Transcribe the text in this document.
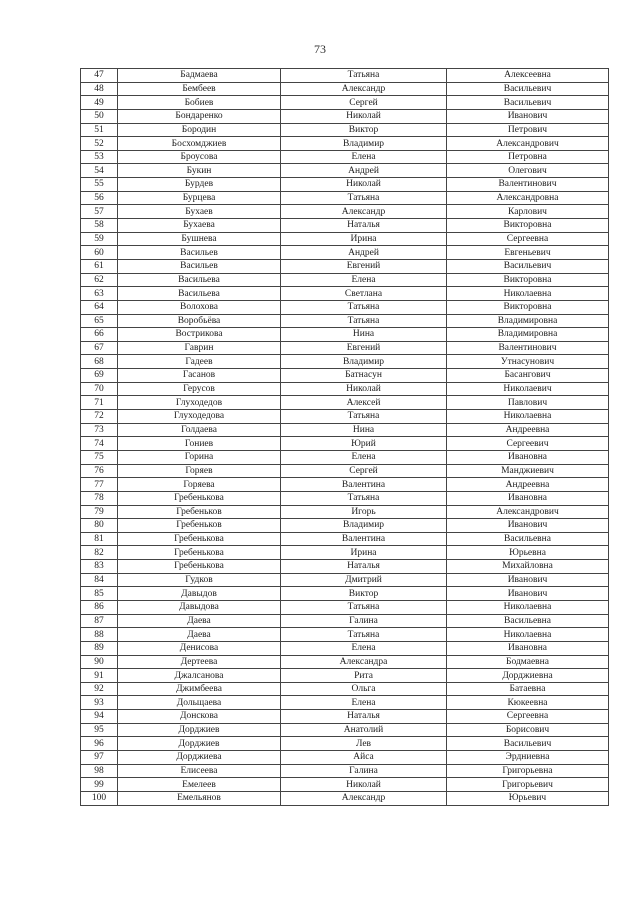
73
47	Бадмаева	Татьяна	Алексеевна
48	Бембеев	Александр	Васильевич
49	Бобиев	Сергей	Васильевич
50	Бондаренко	Николай	Иванович
51	Бородин	Виктор	Петрович
52	Босхомджиев	Владимир	Александрович
53	Броусова	Елена	Петровна
54	Букин	Андрей	Олегович
55	Бурдев	Николай	Валентинович
56	Бурцева	Татьяна	Александровна
57	Бухаев	Александр	Карлович
58	Бухаева	Наталья	Викторовна
59	Бушнева	Ирина	Сергеевна
60	Васильев	Андрей	Евгеньевич
61	Васильев	Евгений	Васильевич
62	Васильева	Елена	Викторовна
63	Васильева	Светлана	Николаевна
64	Волохова	Татьяна	Викторовна
65	Воробьёва	Татьяна	Владимировна
66	Вострикова	Нина	Владимировна
67	Гаврин	Евгений	Валентинович
68	Гадеев	Владимир	Утнасунович
69	Гасанов	Батнасун	Басангович
70	Герусов	Николай	Николаевич
71	Глуходедов	Алексей	Павлович
72	Глуходедова	Татьяна	Николаевна
73	Голдаева	Нина	Андреевна
74	Гониев	Юрий	Сергеевич
75	Горина	Елена	Ивановна
76	Горяев	Сергей	Манджиевич
77	Горяева	Валентина	Андреевна
78	Гребенькова	Татьяна	Ивановна
79	Гребеньков	Игорь	Александрович
80	Гребеньков	Владимир	Иванович
81	Гребенькова	Валентина	Васильевна
82	Гребенькова	Ирина	Юрьевна
83	Гребенькова	Наталья	Михайловна
84	Гудков	Дмитрий	Иванович
85	Давыдов	Виктор	Иванович
86	Давыдова	Татьяна	Николаевна
87	Даева	Галина	Васильевна
88	Даева	Татьяна	Николаевна
89	Денисова	Елена	Ивановна
90	Дертеева	Александра	Бодмаевна
91	Джалсанова	Рита	Дорджиевна
92	Джимбеева	Ольга	Батаевна
93	Дольщаева	Елена	Кюкеевна
94	Донскова	Наталья	Сергеевна
95	Дорджиев	Анатолий	Борисович
96	Дорджиев	Лев	Васильевич
97	Дорджиева	Айса	Эрдниевна
98	Елисеева	Галина	Григорьевна
99	Емелеев	Николай	Григорьевич
100	Емельянов	Александр	Юрьевич
